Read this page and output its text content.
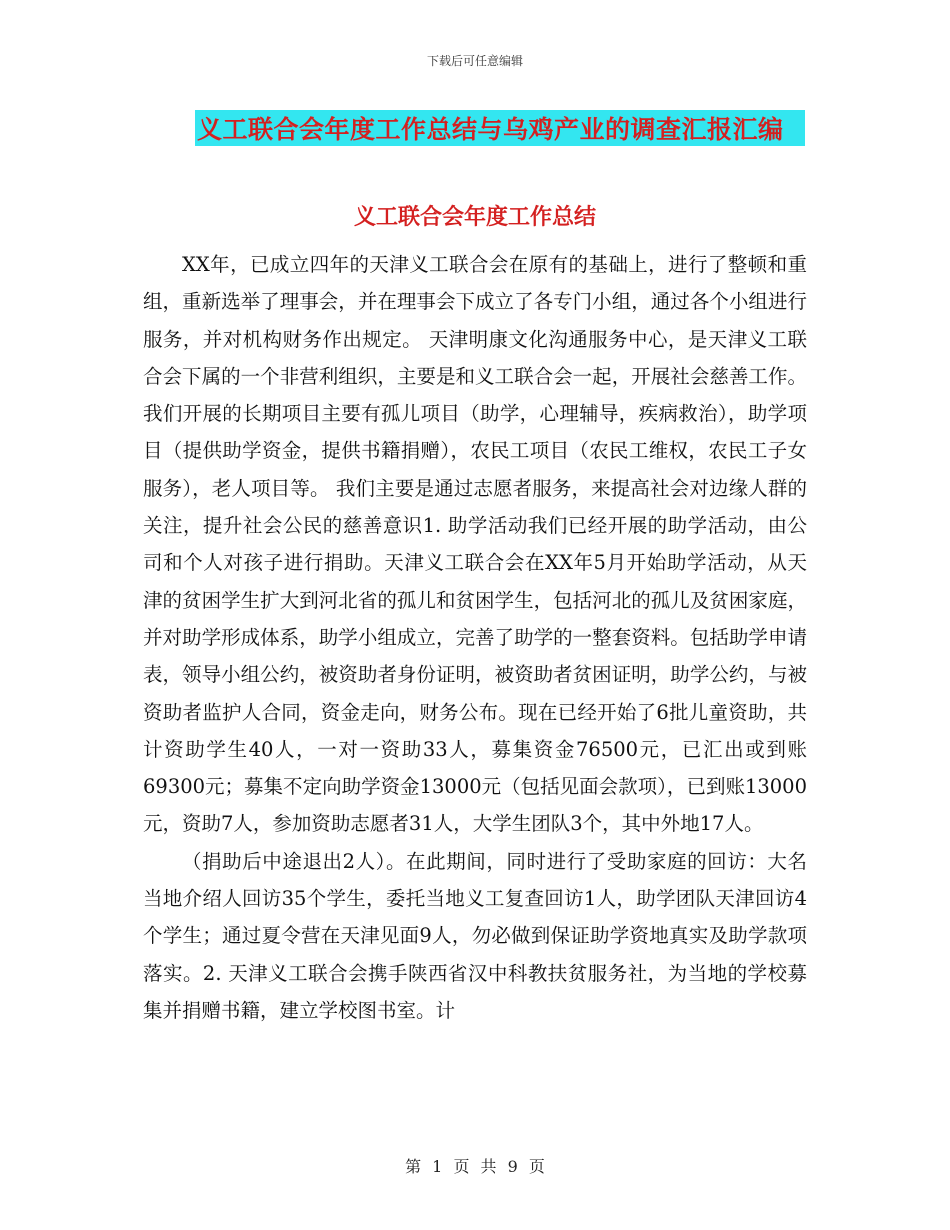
下载后可任意编辑
义工联合会年度工作总结与乌鸡产业的调查汇报汇编
义工联合会年度工作总结

XX年，已成立四年的天津义工联合会在原有的基础上，进行了整顿和重组，重新选举了理事会，并在理事会下成立了各专门小组，通过各个小组进行服务，并对机构财务作出规定。 天津明康文化沟通服务中心，是天津义工联合会下属的一个非营利组织，主要是和义工联合会一起，开展社会慈善工作。我们开展的长期项目主要有孤儿项目（助学，心理辅导，疾病救治），助学项目（提供助学资金，提供书籍捐赠），农民工项目（农民工维权，农民工子女服务），老人项目等。 我们主要是通过志愿者服务，来提高社会对边缘人群的关注，提升社会公民的慈善意识1. 助学活动我们已经开展的助学活动，由公司和个人对孩子进行捐助。天津义工联合会在XX年5月开始助学活动，从天津的贫困学生扩大到河北省的孤儿和贫困学生，包括河北的孤儿及贫困家庭，并对助学形成体系，助学小组成立，完善了助学的一整套资料。包括助学申请表，领导小组公约，被资助者身份证明，被资助者贫困证明，助学公约，与被资助者监护人合同，资金走向，财务公布。现在已经开始了6批儿童资助，共计资助学生40人，一对一资助33人，募集资金76500元，已汇出或到账69300元；募集不定向助学资金13000元（包括见面会款项），已到账13000元，资助7人，参加资助志愿者31人，大学生团队3个，其中外地17人。

（捐助后中途退出2人）。在此期间，同时进行了受助家庭的回访：大名当地介绍人回访35个学生，委托当地义工复查回访1人，助学团队天津回访4个学生；通过夏令营在天津见面9人，勿必做到保证助学资地真实及助学款项落实。2. 天津义工联合会携手陕西省汉中科教扶贫服务社，为当地的学校募集并捐赠书籍，建立学校图书室。计

第 1 页 共 9 页
